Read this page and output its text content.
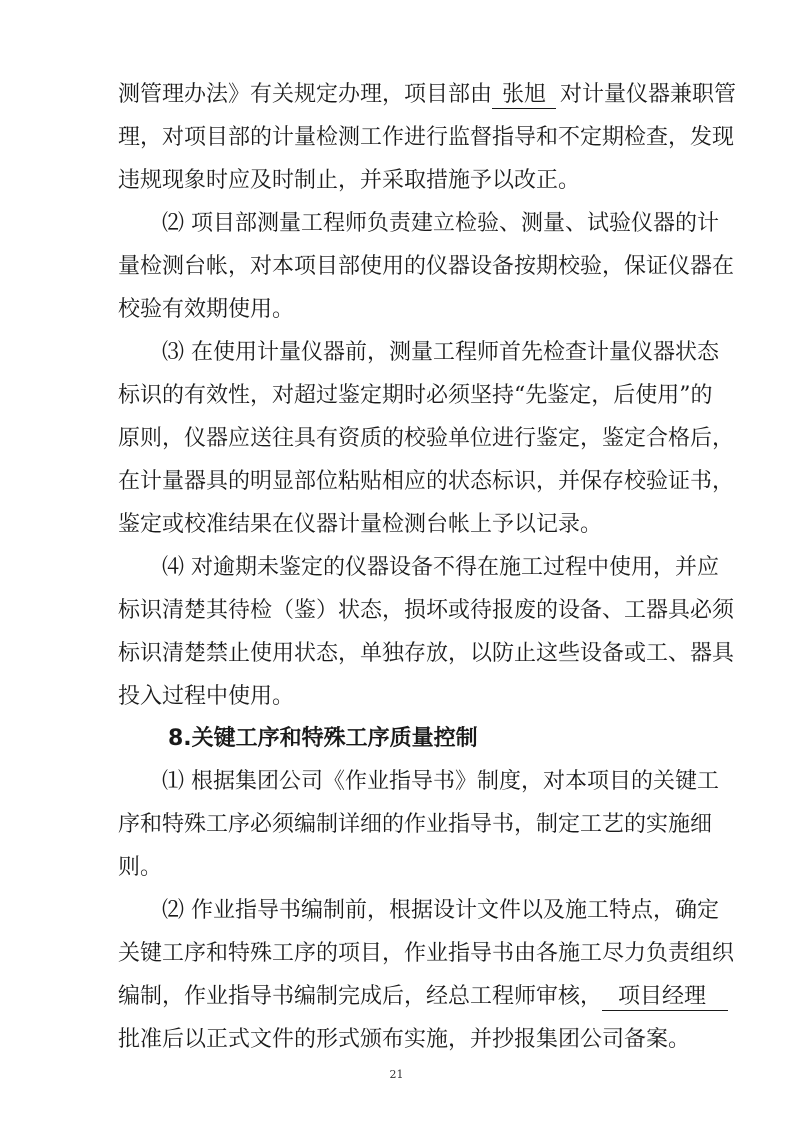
测管理办法》有关规定办理，项目部由 张旭 对计量仪器兼职管
理，对项目部的计量检测工作进行监督指导和不定期检查，发现
违规现象时应及时制止，并采取措施予以改正。
⑵ 项目部测量工程师负责建立检验、测量、试验仪器的计
量检测台帐，对本项目部使用的仪器设备按期校验，保证仪器在
校验有效期使用。
⑶ 在使用计量仪器前，测量工程师首先检查计量仪器状态
标识的有效性，对超过鉴定期时必须坚持“先鉴定，后使用”的
原则，仪器应送往具有资质的校验单位进行鉴定，鉴定合格后，
在计量器具的明显部位粘贴相应的状态标识，并保存校验证书，
鉴定或校准结果在仪器计量检测台帐上予以记录。
⑷ 对逾期未鉴定的仪器设备不得在施工过程中使用，并应
标识清楚其待检（鉴）状态，损坏或待报废的设备、工器具必须
标识清楚禁止使用状态，单独存放，以防止这些设备或工、器具
投入过程中使用。
8.关键工序和特殊工序质量控制
⑴ 根据集团公司《作业指导书》制度，对本项目的关键工
序和特殊工序必须编制详细的作业指导书，制定工艺的实施细
则。
⑵ 作业指导书编制前，根据设计文件以及施工特点，确定
关键工序和特殊工序的项目，作业指导书由各施工尽力负责组织
编制，作业指导书编制完成后，经总工程师审核， 项目经理
批准后以正式文件的形式颁布实施，并抄报集团公司备案。
21
